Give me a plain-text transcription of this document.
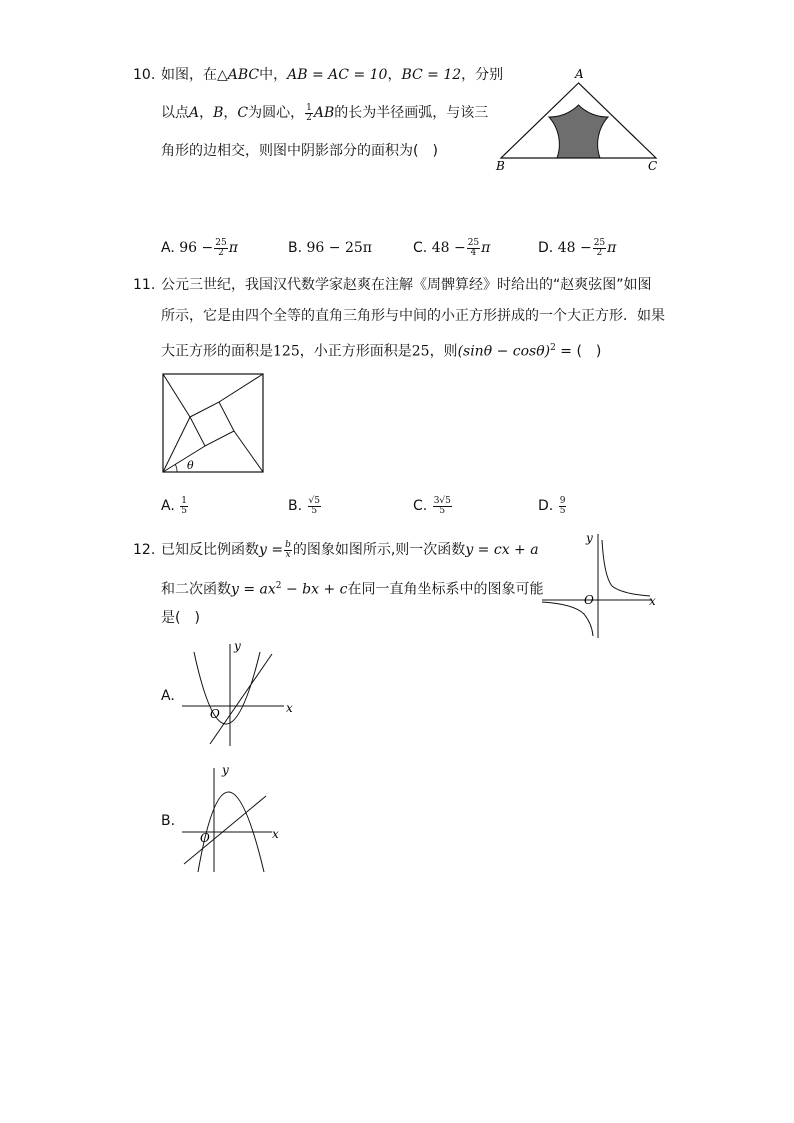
10. 如图，在△ABC中，AB = AC = 10，BC = 12，分别
以点A，B，C为圆心， $\frac{1}{2}$ AB的长为半径画弧，与该三
角形的边相交，则图中阴影部分的面积为(　)
A
B	C
A. $96 - \frac{25}{2}$ π	B. 96 − 25π	C. $48 - \frac{25}{4}$ π	D. $48 - \frac{25}{2}$ π
11. 公元三世纪，我国汉代数学家赵爽在注解《周髀算经》时给出的“赵爽弦图”如图
所示，它是由四个全等的直角三角形与中间的小正方形拼成的一个大正方形．如果
大正方形的面积是125，小正方形面积是25，则$(\sin\theta - \cos\theta)^2$ = (　)
θ
A. $\frac{1}{5}$	B. $\frac{√5}{5}$	C. $\frac{3√5}{5}$	D. $\frac{9}{5}$
12. 已知反比例函数$y = \frac{b}{x}$ 的图象如图所示,则一次函数y = cx + a
和二次函数$y = ax^2$ − bx + c在同一直角坐标系中的图象可能
是(　)
y
x
O
A.
y
x
O
B.
y
x
O
